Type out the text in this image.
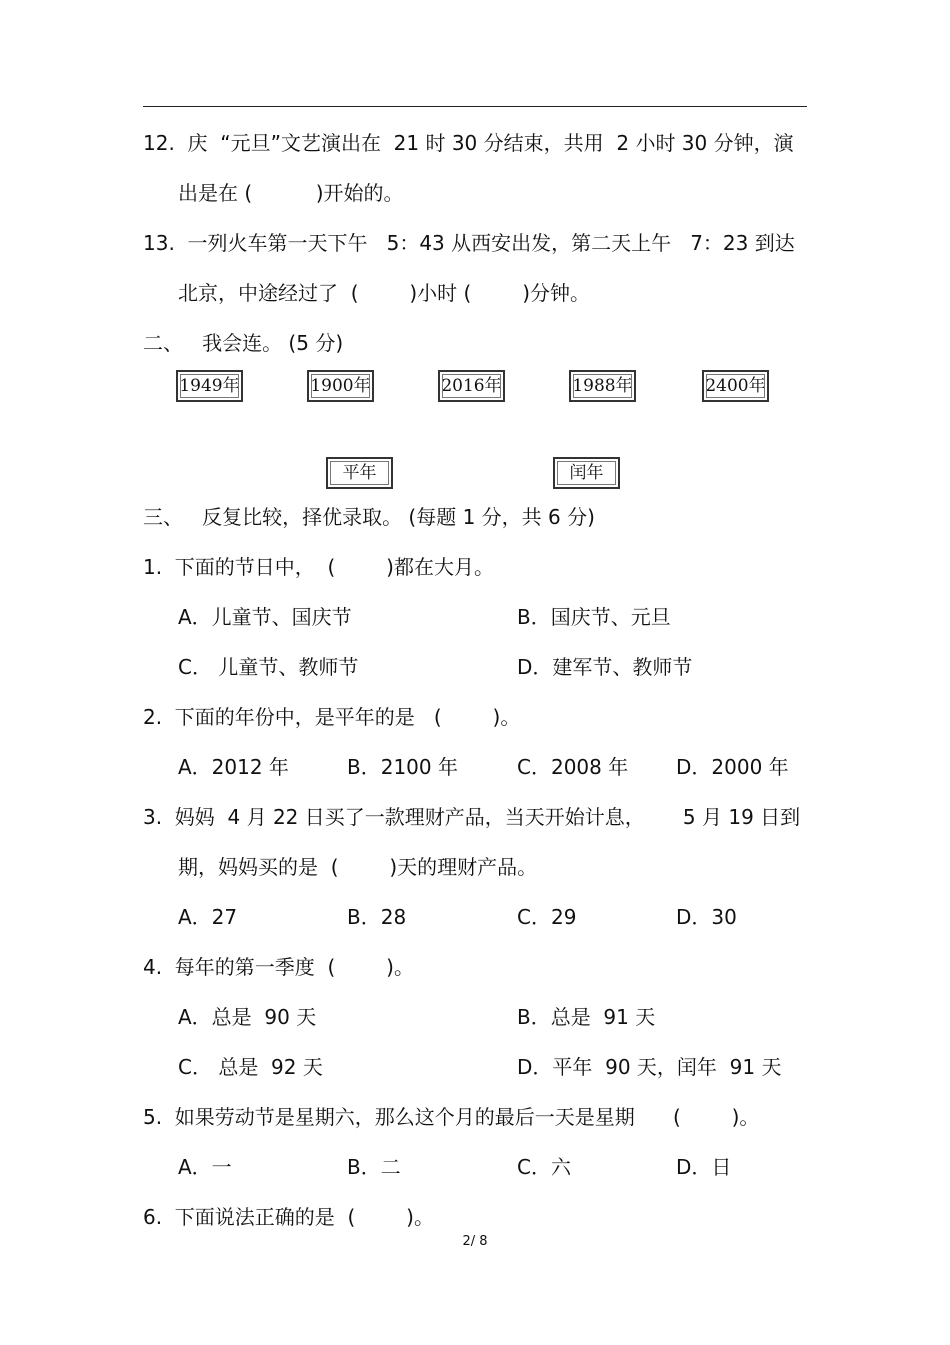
12.  庆  “元旦”文艺演出在  21 时 30 分结束，共用  2 小时 30 分钟，演
出是在 (          )开始的。
13.  一列火车第一天下午   5：43 从西安出发，第二天上午   7：23 到达
北京，中途经过了  (        )小时 (        )分钟。
二、   我会连。 (5 分)
1949年	1900年	2016年	1988年	2400年
平年	闰年
三、   反复比较，择优录取。 (每题 1 分，共 6 分)
1.  下面的节日中，  (        )都在大月。
A．儿童节、国庆节	B．国庆节、元旦
C． 儿童节、教师节	D．建军节、教师节
2.  下面的年份中，是平年的是   (        )。
A．2012 年	B．2100 年	C．2008 年 D．2000 年
3.  妈妈  4 月 22 日买了一款理财产品，当天开始计息，      5 月 19 日到
期，妈妈买的是  (        )天的理财产品。
A．27	B．28	C．29	D．30
4.  每年的第一季度  (        )。
A．总是  90 天	B．总是  91 天
C． 总是  92 天	D．平年  90 天，闰年  91 天
5.  如果劳动节是星期六，那么这个月的最后一天是星期      (        )。
A．一	B．二	C．六	D．日
6.  下面说法正确的是  (        )。
2/ 8
